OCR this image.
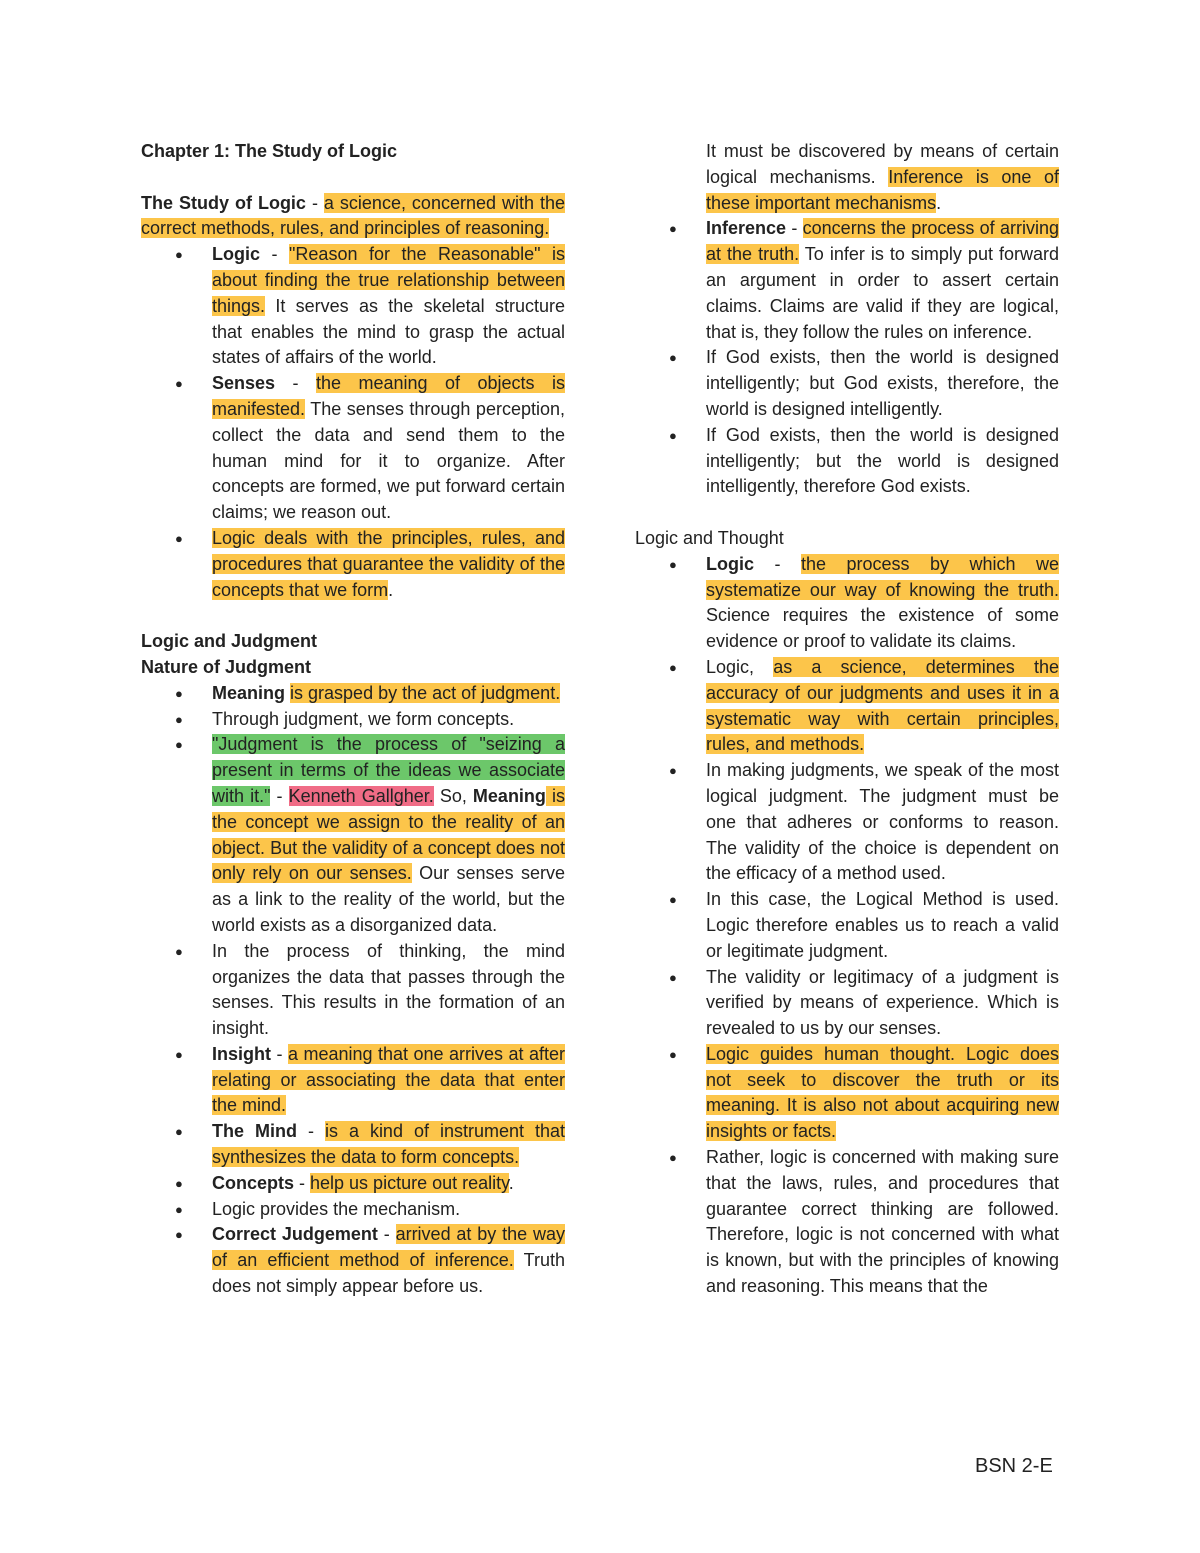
Chapter 1: The Study of Logic

The Study of Logic - a science, concerned with the correct methods, rules, and principles of reasoning.

● Logic - "Reason for the Reasonable" is about finding the true relationship between things. It serves as the skeletal structure that enables the mind to grasp the actual states of affairs of the world.
● Senses - the meaning of objects is manifested. The senses through perception, collect the data and send them to the human mind for it to organize. After concepts are formed, we put forward certain claims; we reason out.
● Logic deals with the principles, rules, and procedures that guarantee the validity of the concepts that we form.

Logic and Judgment

Nature of Judgment

● Meaning is grasped by the act of judgment.
● Through judgment, we form concepts.
● "Judgment is the process of "seizing a present in terms of the ideas we associate with it." - Kenneth Gallgher. So, Meaning is the concept we assign to the reality of an object. But the validity of a concept does not only rely on our senses. Our senses serve as a link to the reality of the world, but the world exists as a disorganized data.
● In the process of thinking, the mind organizes the data that passes through the senses. This results in the formation of an insight.
● Insight - a meaning that one arrives at after relating or associating the data that enter the mind.
● The Mind - is a kind of instrument that synthesizes the data to form concepts.
● Concepts - help us picture out reality.
● Logic provides the mechanism.
● Correct Judgement - arrived at by the way of an efficient method of inference. Truth does not simply appear before us.
It must be discovered by means of certain logical mechanisms. Inference is one of these important mechanisms.
● Inference - concerns the process of arriving at the truth. To infer is to simply put forward an argument in order to assert certain claims. Claims are valid if they are logical, that is, they follow the rules on inference.
● If God exists, then the world is designed intelligently; but God exists, therefore, the world is designed intelligently.
● If God exists, then the world is designed intelligently; but the world is designed intelligently, therefore God exists.

Logic and Thought

● Logic - the process by which we systematize our way of knowing the truth. Science requires the existence of some evidence or proof to validate its claims.
● Logic, as a science, determines the accuracy of our judgments and uses it in a systematic way with certain principles, rules, and methods.
● In making judgments, we speak of the most logical judgment. The judgment must be one that adheres or conforms to reason. The validity of the choice is dependent on the efficacy of a method used.
● In this case, the Logical Method is used. Logic therefore enables us to reach a valid or legitimate judgment.
● The validity or legitimacy of a judgment is verified by means of experience. Which is revealed to us by our senses.
● Logic guides human thought. Logic does not seek to discover the truth or its meaning. It is also not about acquiring new insights or facts.
● Rather, logic is concerned with making sure that the laws, rules, and procedures that guarantee correct thinking are followed. Therefore, logic is not concerned with what is known, but with the principles of knowing and reasoning. This means that the
BSN 2-E
